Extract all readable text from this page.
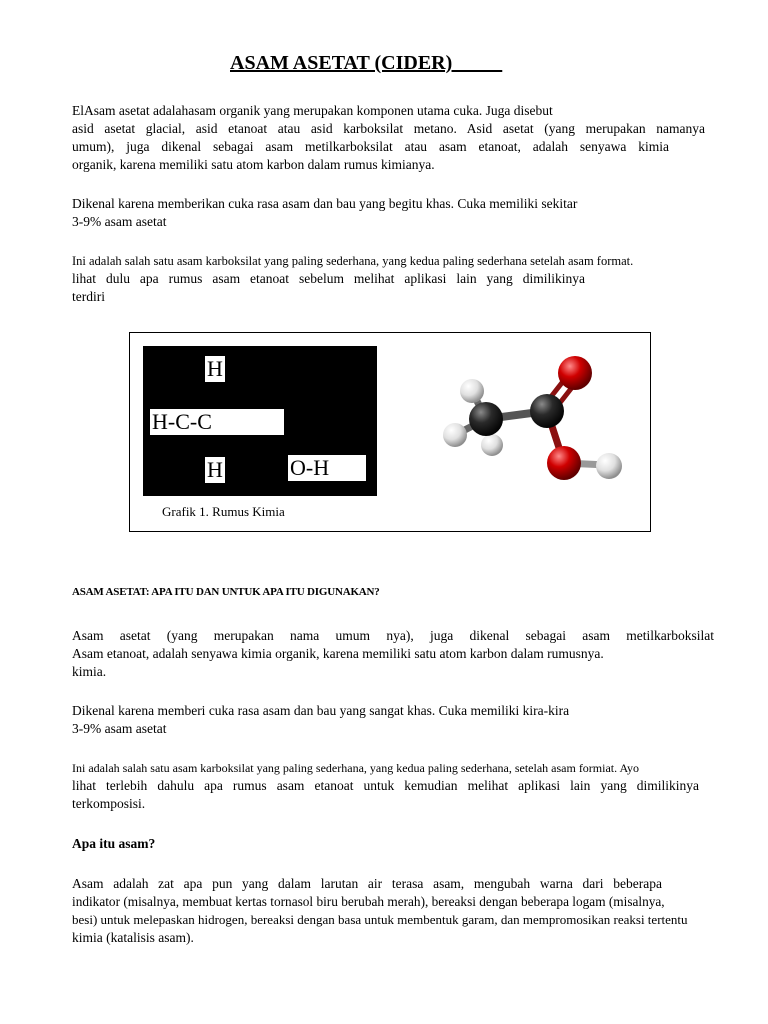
ASAM ASETAT (CIDER)
ElAsam asetat adalahasam organik yang merupakan komponen utama cuka. Juga disebut
asid asetat glacial, asid etanoat atau asid karboksilat metano. Asid asetat (yang merupakan namanya
umum), juga dikenal sebagai asam metilkarboksilat atau asam etanoat, adalah senyawa kimia
organik, karena memiliki satu atom karbon dalam rumus kimianya.
Dikenal karena memberikan cuka rasa asam dan bau yang begitu khas. Cuka memiliki sekitar
3-9% asam asetat
Ini adalah salah satu asam karboksilat yang paling sederhana, yang kedua paling sederhana setelah asam format.
lihat dulu apa rumus asam etanoat sebelum melihat aplikasi lain yang dimilikinya
terdiri
H
H-C-C
H	O-H
Grafik 1. Rumus Kimia
ASAM ASETAT: APA ITU DAN UNTUK APA ITU DIGUNAKAN?
Asam asetat (yang merupakan nama umum nya), juga dikenal sebagai asam metilkarboksilat
Asam etanoat, adalah senyawa kimia organik, karena memiliki satu atom karbon dalam rumusnya.
kimia.
Dikenal karena memberi cuka rasa asam dan bau yang sangat khas. Cuka memiliki kira-kira
3-9% asam asetat
Ini adalah salah satu asam karboksilat yang paling sederhana, yang kedua paling sederhana, setelah asam formiat. Ayo
lihat terlebih dahulu apa rumus asam etanoat untuk kemudian melihat aplikasi lain yang dimilikinya
terkomposisi.
Apa itu asam?
Asam adalah zat apa pun yang dalam larutan air terasa asam, mengubah warna dari beberapa
indikator (misalnya, membuat kertas tornasol biru berubah merah), bereaksi dengan beberapa logam (misalnya,
besi) untuk melepaskan hidrogen, bereaksi dengan basa untuk membentuk garam, dan mempromosikan reaksi tertentu
kimia (katalisis asam).
